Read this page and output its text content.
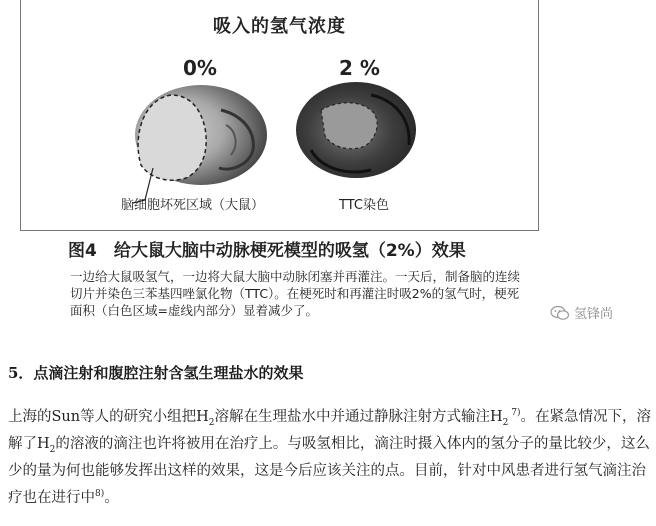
吸入的氢气浓度
0%	2 %
脑细胞坏死区域（大鼠）	TTC染色
图4　给大鼠大脑中动脉梗死模型的吸氢（2%）效果

一边给大鼠吸氢气，一边将大鼠大脑中动脉闭塞并再灌注。一天后，制备脑的连续

切片并染色三苯基四唑氯化物（TTC）。在梗死时和再灌注时吸2%的氢气时，梗死

面积（白色区域=虚线内部分）显着减少了。	氢锋尚
5．点滴注射和腹腔注射含氢生理盐水的效果

上海的Sun等人的研究小组把$H_2$溶解在生理盐水中并通过静脉注射方式输注$H_2$ $^{7)}$。在紧急情况下，溶解了$H_2$的溶液的滴注也许将被用在治疗上。与吸氢相比，滴注时摄入体内的氢分子的量比较少，这么少的量为何也能够发挥出这样的效果，这是今后应该关注的点。目前，针对中风患者进行氢气滴注治疗也在进行中$^{8)}$。
